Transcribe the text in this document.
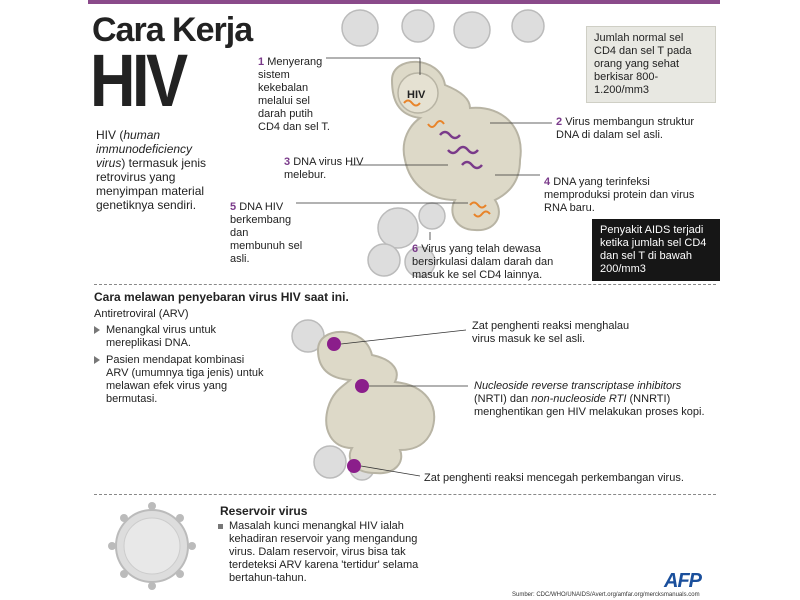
Cara Kerja
HIV
HIV (human immunodeficiency virus) termasuk jenis retrovirus yang menyimpan material genetiknya sendiri.
Jumlah normal sel CD4 dan sel T pada orang yang sehat berkisar 800-1.200/mm3
Penyakit AIDS terjadi ketika jumlah sel CD4 dan sel T di bawah 200/mm3
HIV
1 Menyerang sistem kekebalan melalui sel darah putih CD4 dan sel T.	2 Virus membangun struktur DNA di dalam sel asli.
3 DNA virus HIV melebur.
4 DNA yang terinfeksi memproduksi protein dan virus RNA baru.
5 DNA HIV berkembang dan membunuh sel asli.
6 Virus yang telah dewasa bersirkulasi dalam darah dan masuk ke sel CD4 lainnya.
Cara melawan penyebaran virus HIV saat ini.
Antiretroviral (ARV)
Menangkal virus untuk mereplikasi DNA.
Pasien mendapat kombinasi ARV (umumnya tiga jenis) untuk melawan efek virus yang bermutasi.
Zat penghenti reaksi menghalau virus masuk ke sel asli.
Nucleoside reverse transcriptase inhibitors (NRTI) dan non-nucleoside RTI (NNRTI) menghentikan gen HIV melakukan proses kopi.
Zat penghenti reaksi mencegah perkembangan virus.
Reservoir virus
Masalah kunci menangkal HIV ialah kehadiran reservoir yang mengandung virus. Dalam reservoir, virus bisa tak terdeteksi ARV karena 'tertidur' selama bertahun-tahun.	AFP
Sumber: CDC/WHO/UNAIDS/Avert.org/amfar.org/mercksmanuals.com
